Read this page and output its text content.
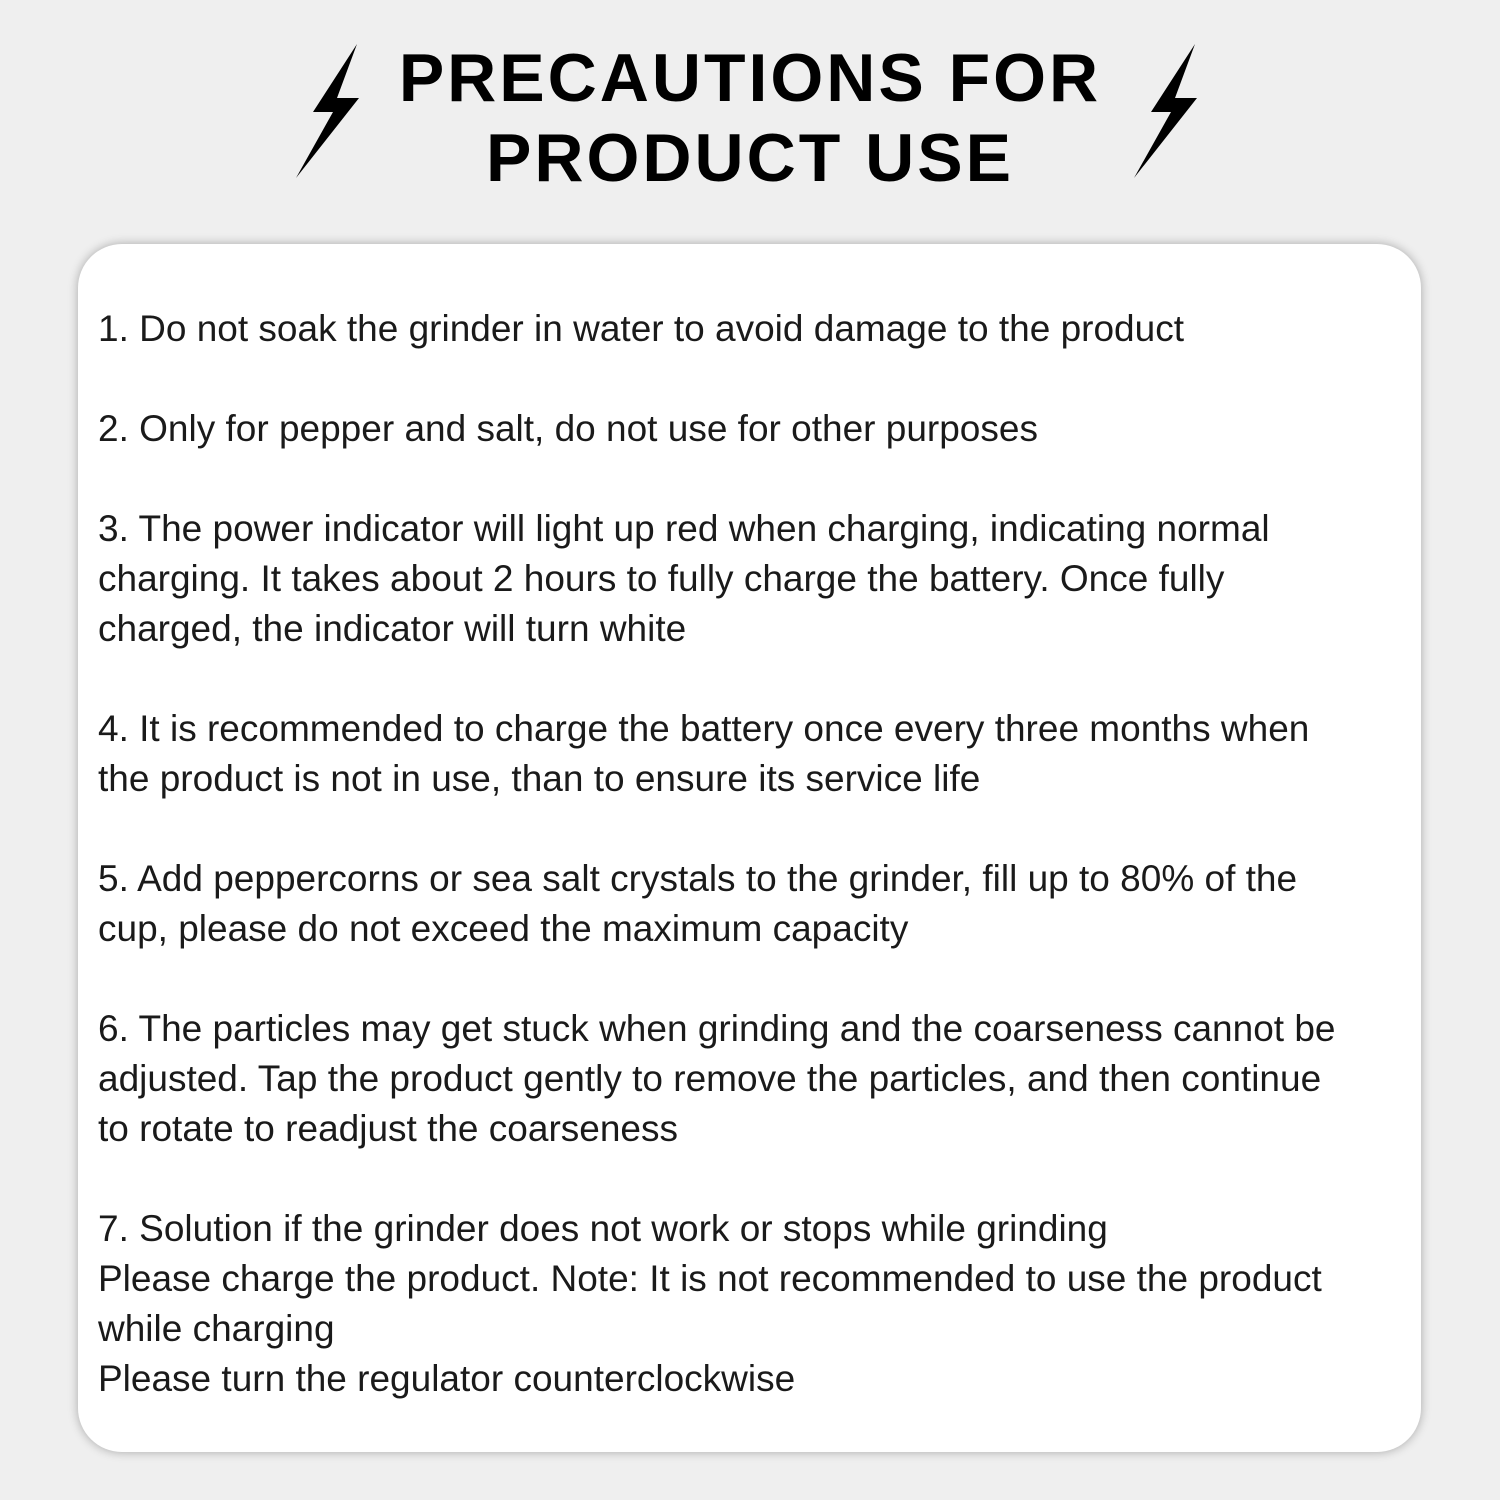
PRECAUTIONS FOR
PRODUCT USE

1. Do not soak the grinder in water to avoid damage to the product

2. Only for pepper and salt, do not use for other purposes

3. The power indicator will light up red when charging, indicating normal
charging. It takes about 2 hours to fully charge the battery. Once fully
charged, the indicator will turn white

4. It is recommended to charge the battery once every three months when
the product is not in use, than to ensure its service life

5. Add peppercorns or sea salt crystals to the grinder, fill up to 80% of the
cup, please do not exceed the maximum capacity

6. The particles may get stuck when grinding and the coarseness cannot be
adjusted. Tap the product gently to remove the particles, and then continue
to rotate to readjust the coarseness

7. Solution if the grinder does not work or stops while grinding
Please charge the product. Note: It is not recommended to use the product
while charging
Please turn the regulator counterclockwise
